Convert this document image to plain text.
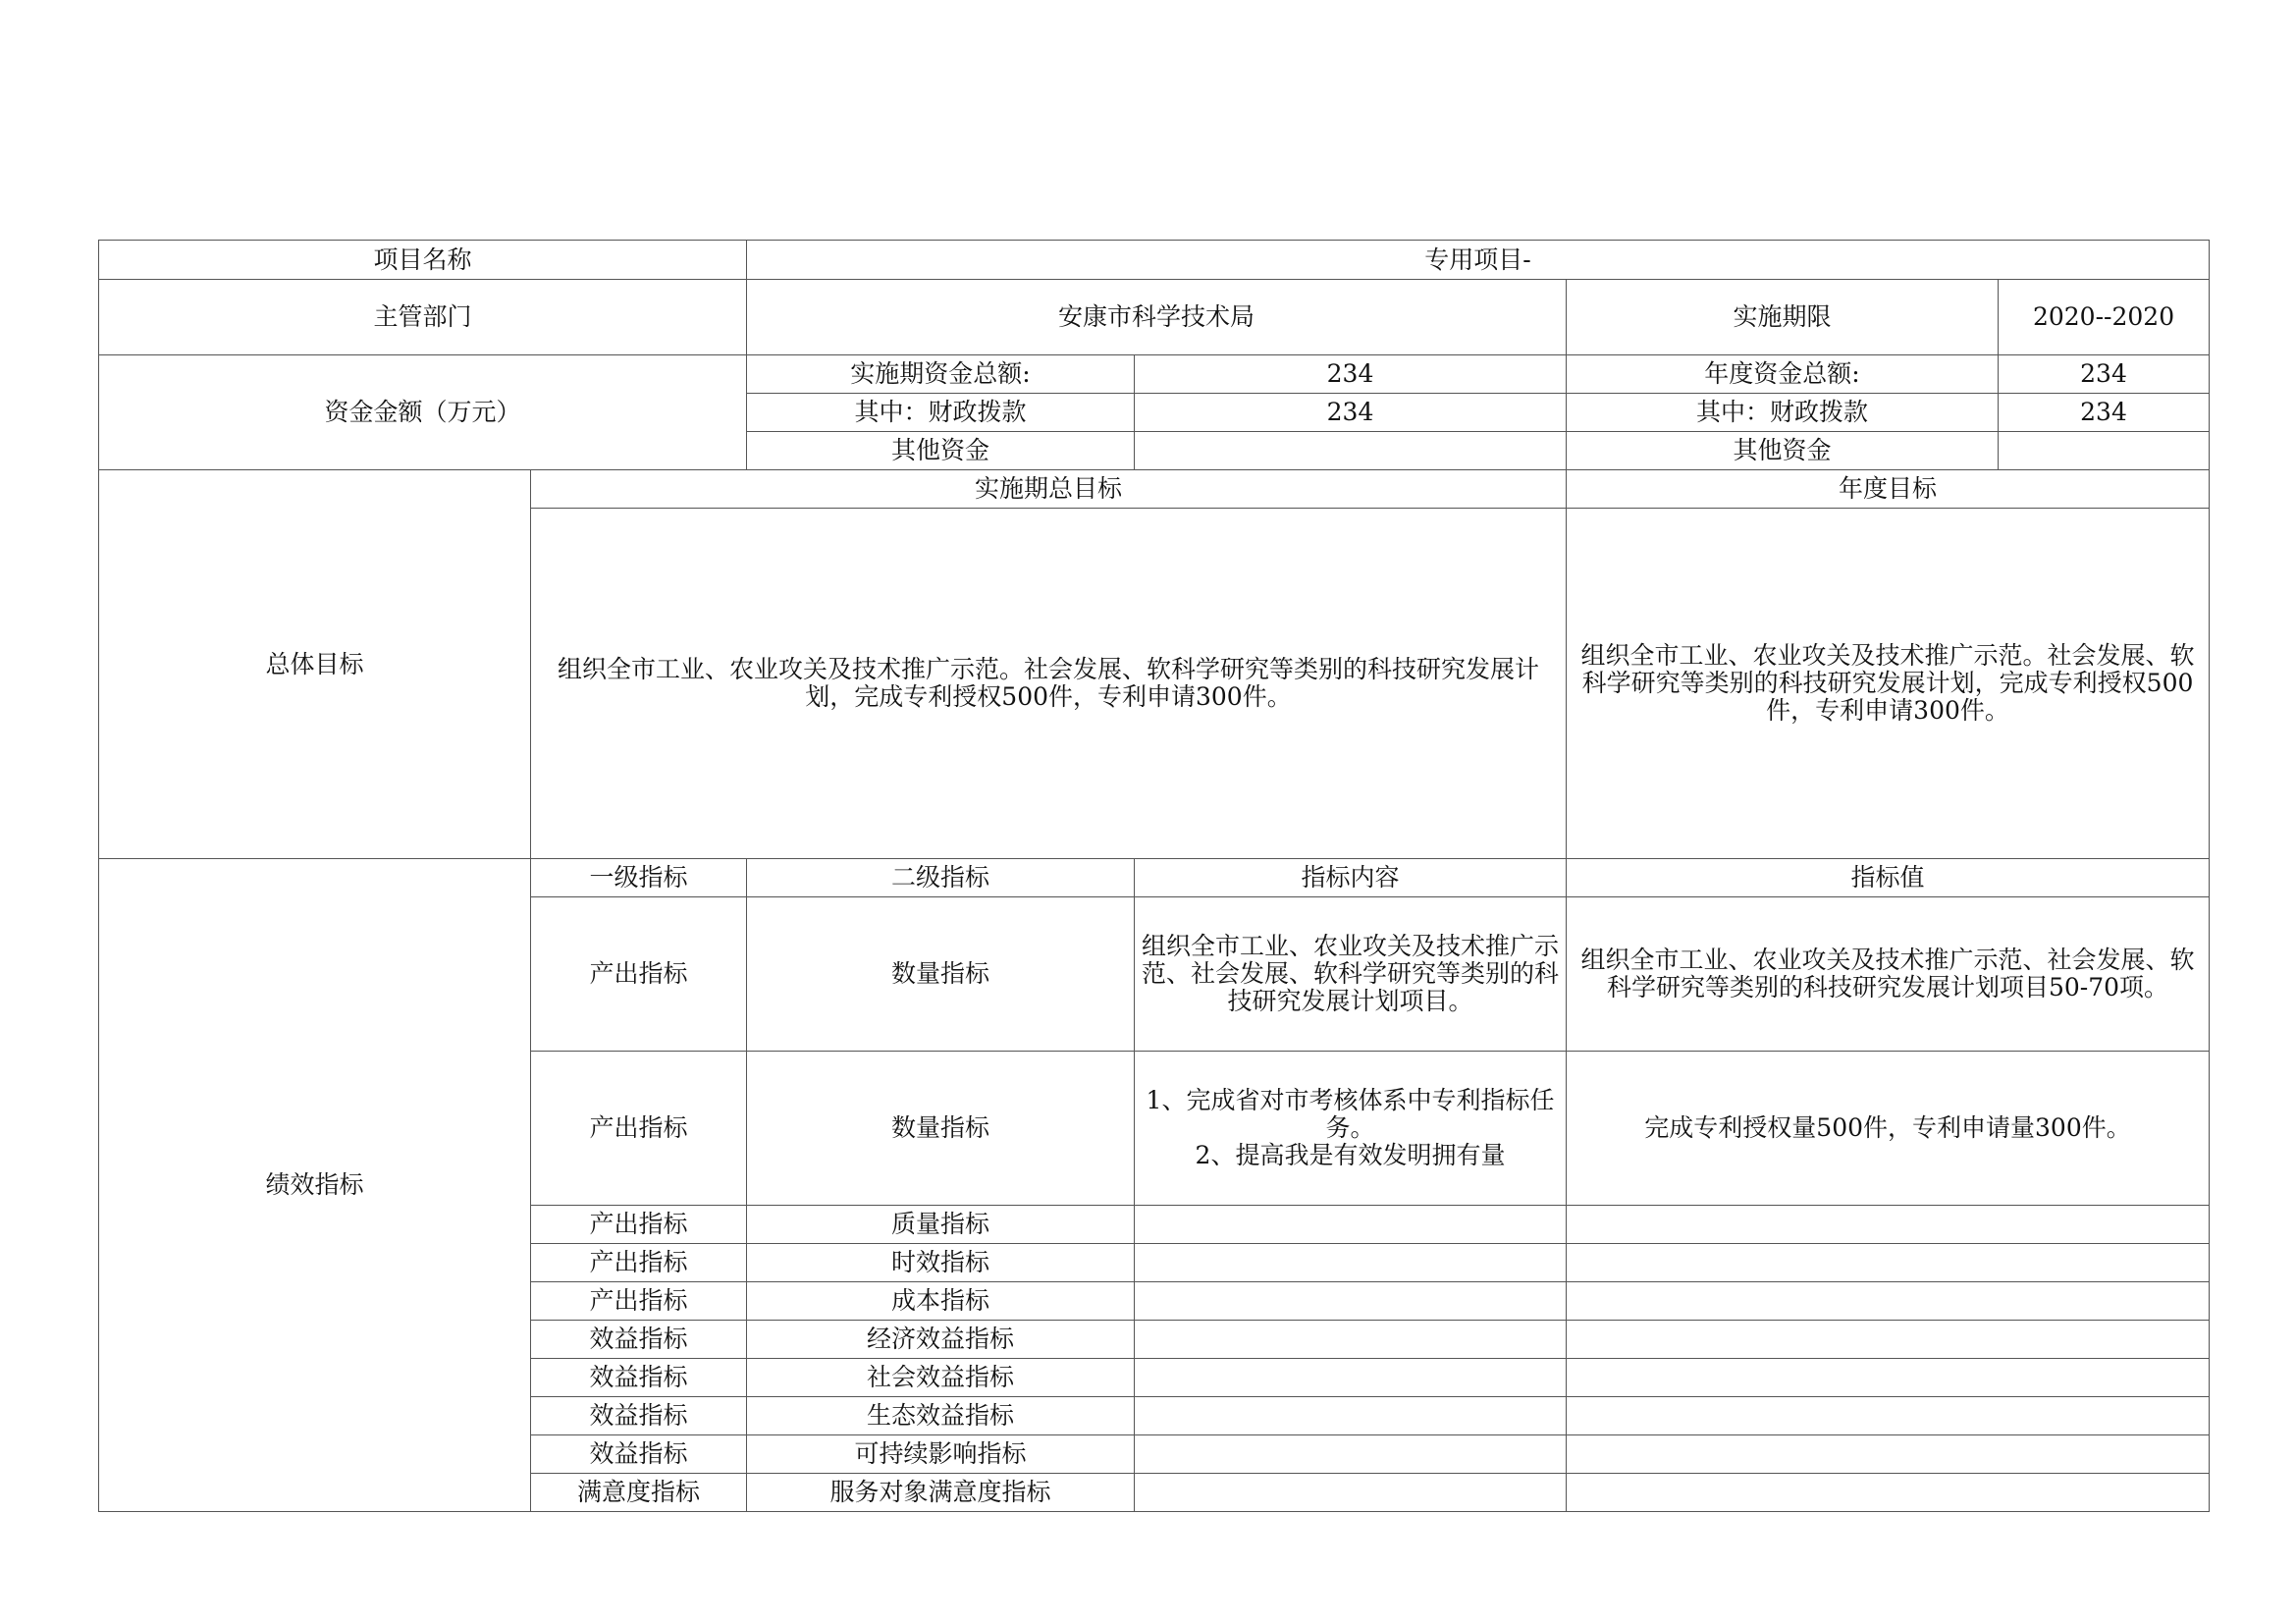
项目名称		专用项目-			
主管部门		安康市科学技术局		实施期限	2020--2020
资金金额（万元）		实施期资金总额:	234	年度资金总额:	234
		其中：财政拨款	234	其中：财政拨款	234
		其他资金		其他资金	
总体目标	实施期总目标			年度目标	
	组织全市工业、农业攻关及技术推广示范。社会发展、软科学研究等类别的科技研究发展计划，完成专利授权500件，专利申请300件。			组织全市工业、农业攻关及技术推广示范。社会发展、软科学研究等类别的科技研究发展计划，完成专利授权500件，专利申请300件。	
绩效指标	一级指标	二级指标	指标内容	指标值	
	产出指标	数量指标	组织全市工业、农业攻关及技术推广示范、社会发展、软科学研究等类别的科技研究发展计划项目。	组织全市工业、农业攻关及技术推广示范、社会发展、软科学研究等类别的科技研究发展计划项目50-70项。	
	产出指标	数量指标	1、完成省对市考核体系中专利指标任务。
2、提高我是有效发明拥有量	完成专利授权量500件，专利申请量300件。	
	产出指标	质量指标			
	产出指标	时效指标			
	产出指标	成本指标			
	效益指标	经济效益指标			
	效益指标	社会效益指标			
	效益指标	生态效益指标			
	效益指标	可持续影响指标			
	满意度指标	服务对象满意度指标			
